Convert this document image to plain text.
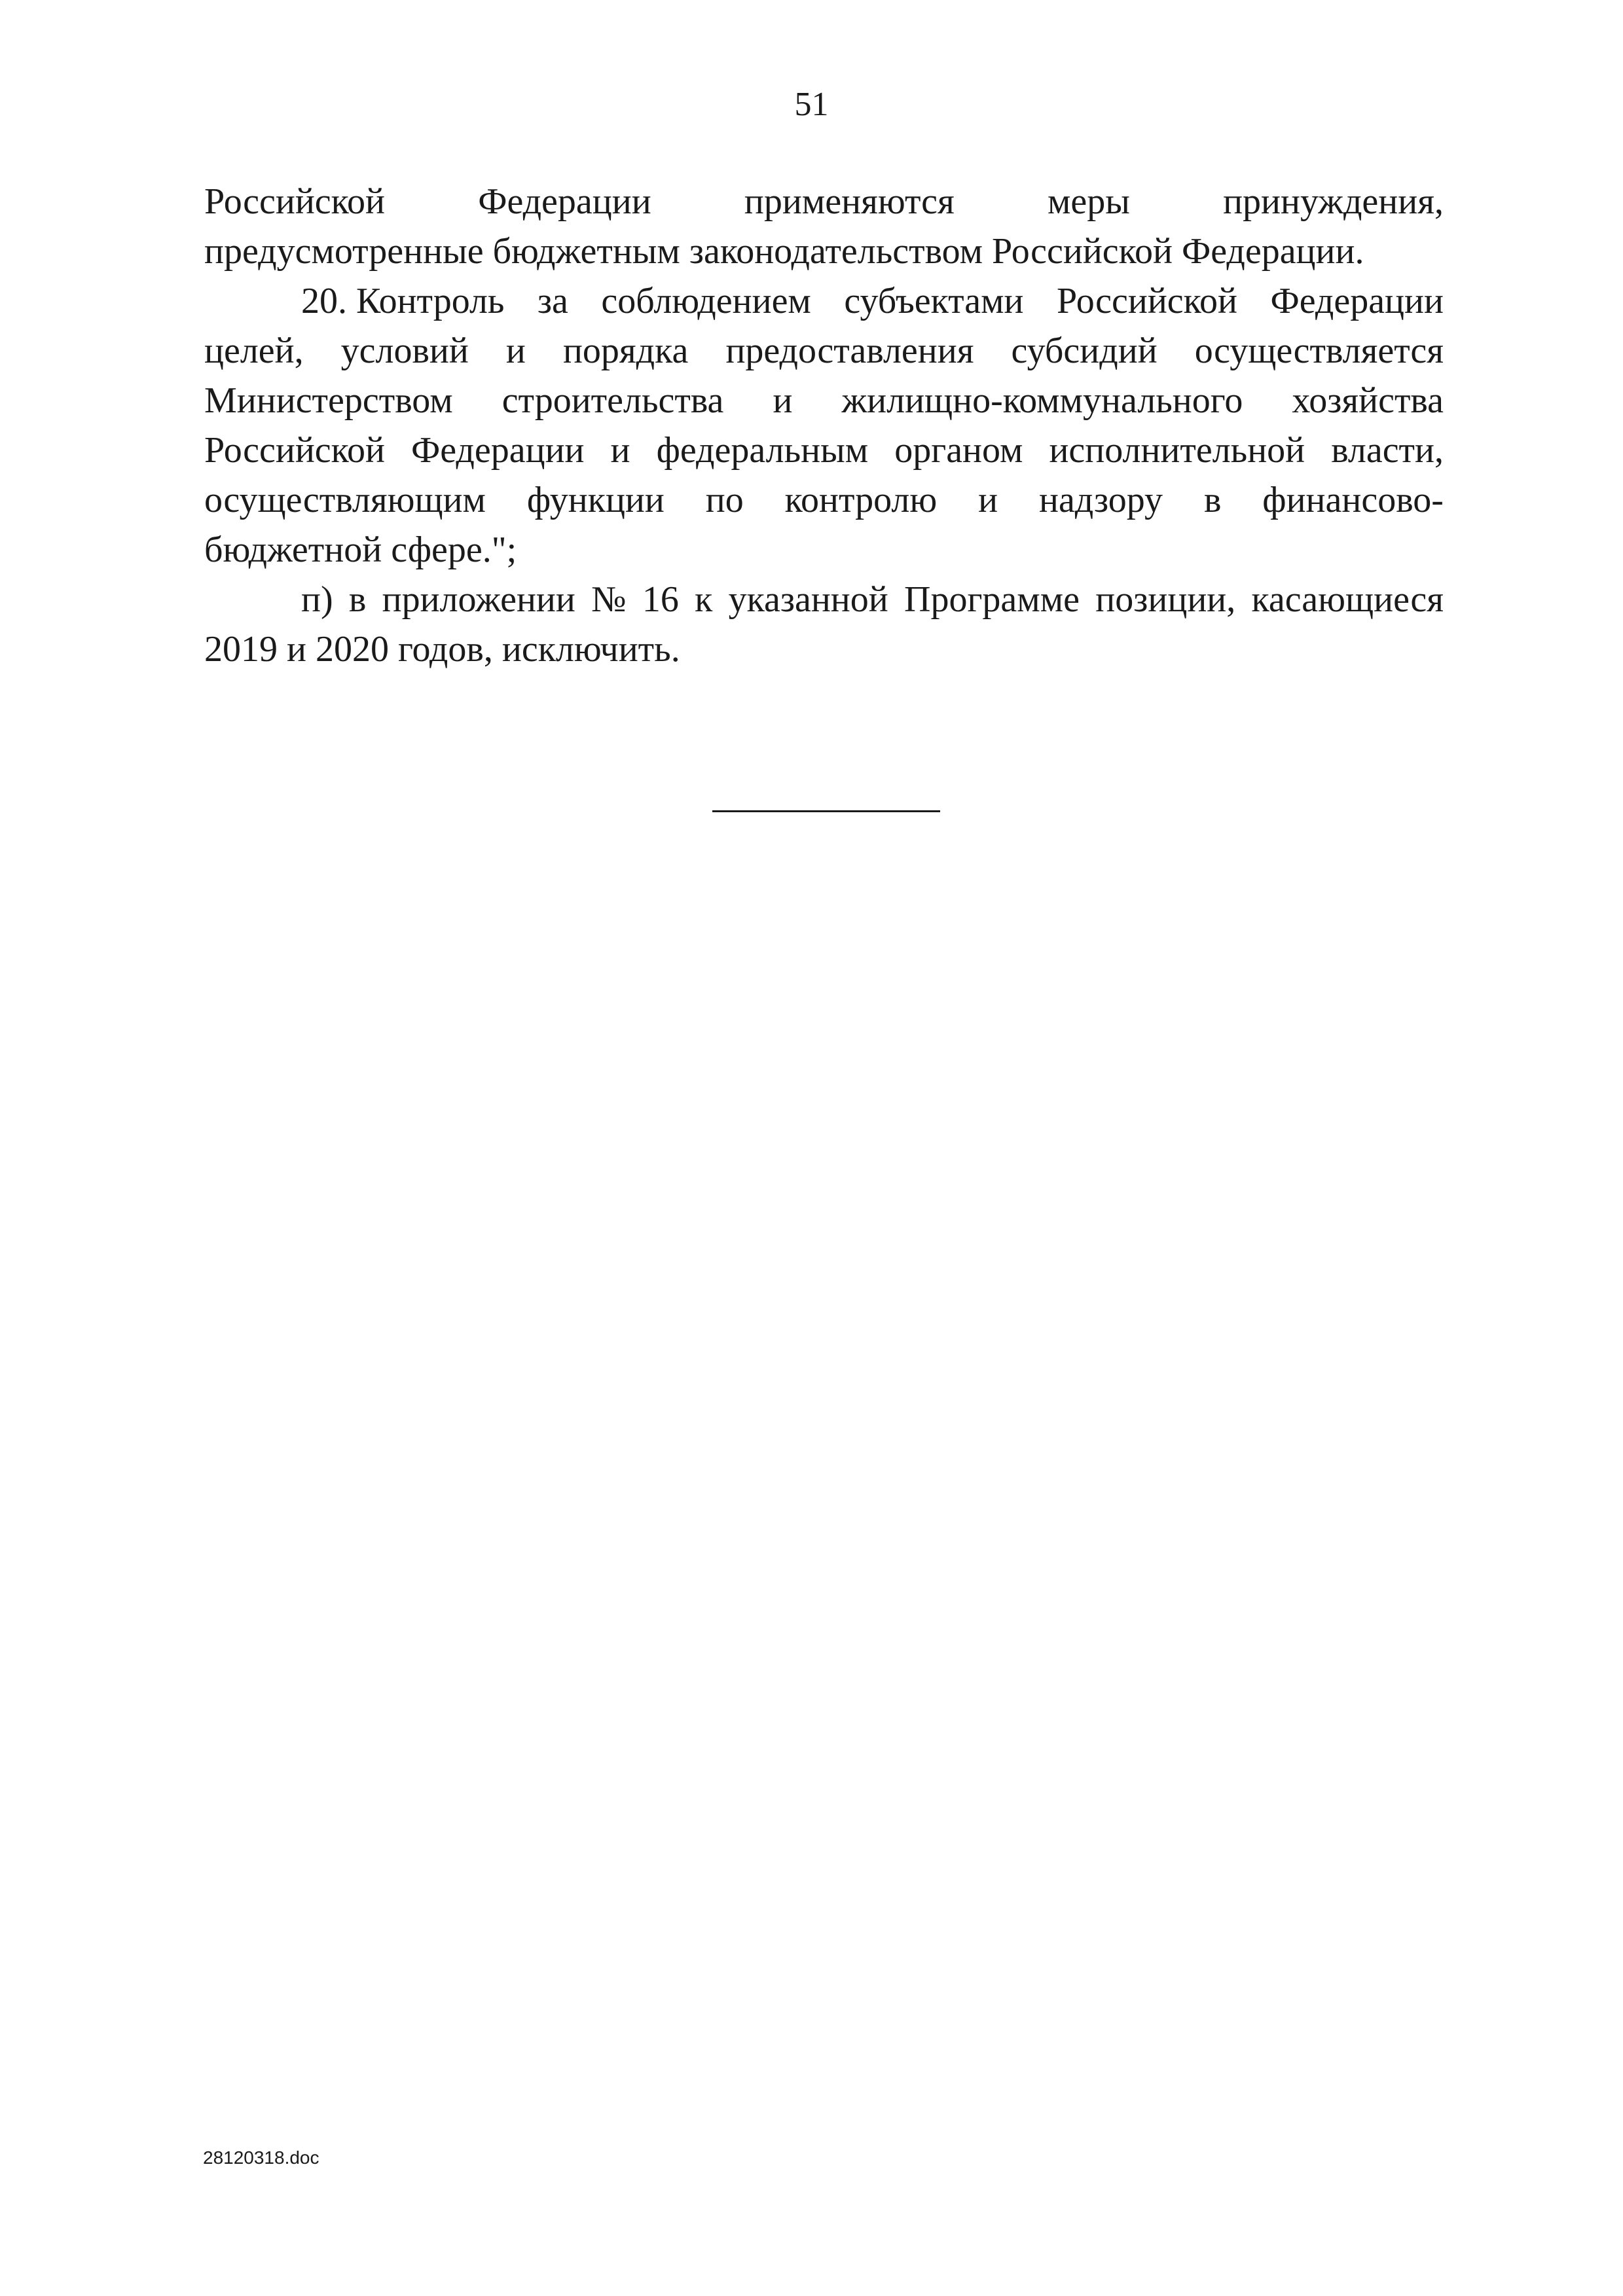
51
Российской	Федерации	применяются	меры	принуждения,
предусмотренные бюджетным законодательством Российской Федерации.
20. Контроль за соблюдением субъектами Российской Федерации
целей, условий и порядка предоставления субсидий осуществляется
Министерством строительства и жилищно-коммунального хозяйства
Российской Федерации и федеральным органом исполнительной власти,
осуществляющим функции по контролю и надзору в финансово-
бюджетной сфере.";
п) в приложении № 16 к указанной Программе позиции, касающиеся
2019 и 2020 годов, исключить.
28120318.doc
